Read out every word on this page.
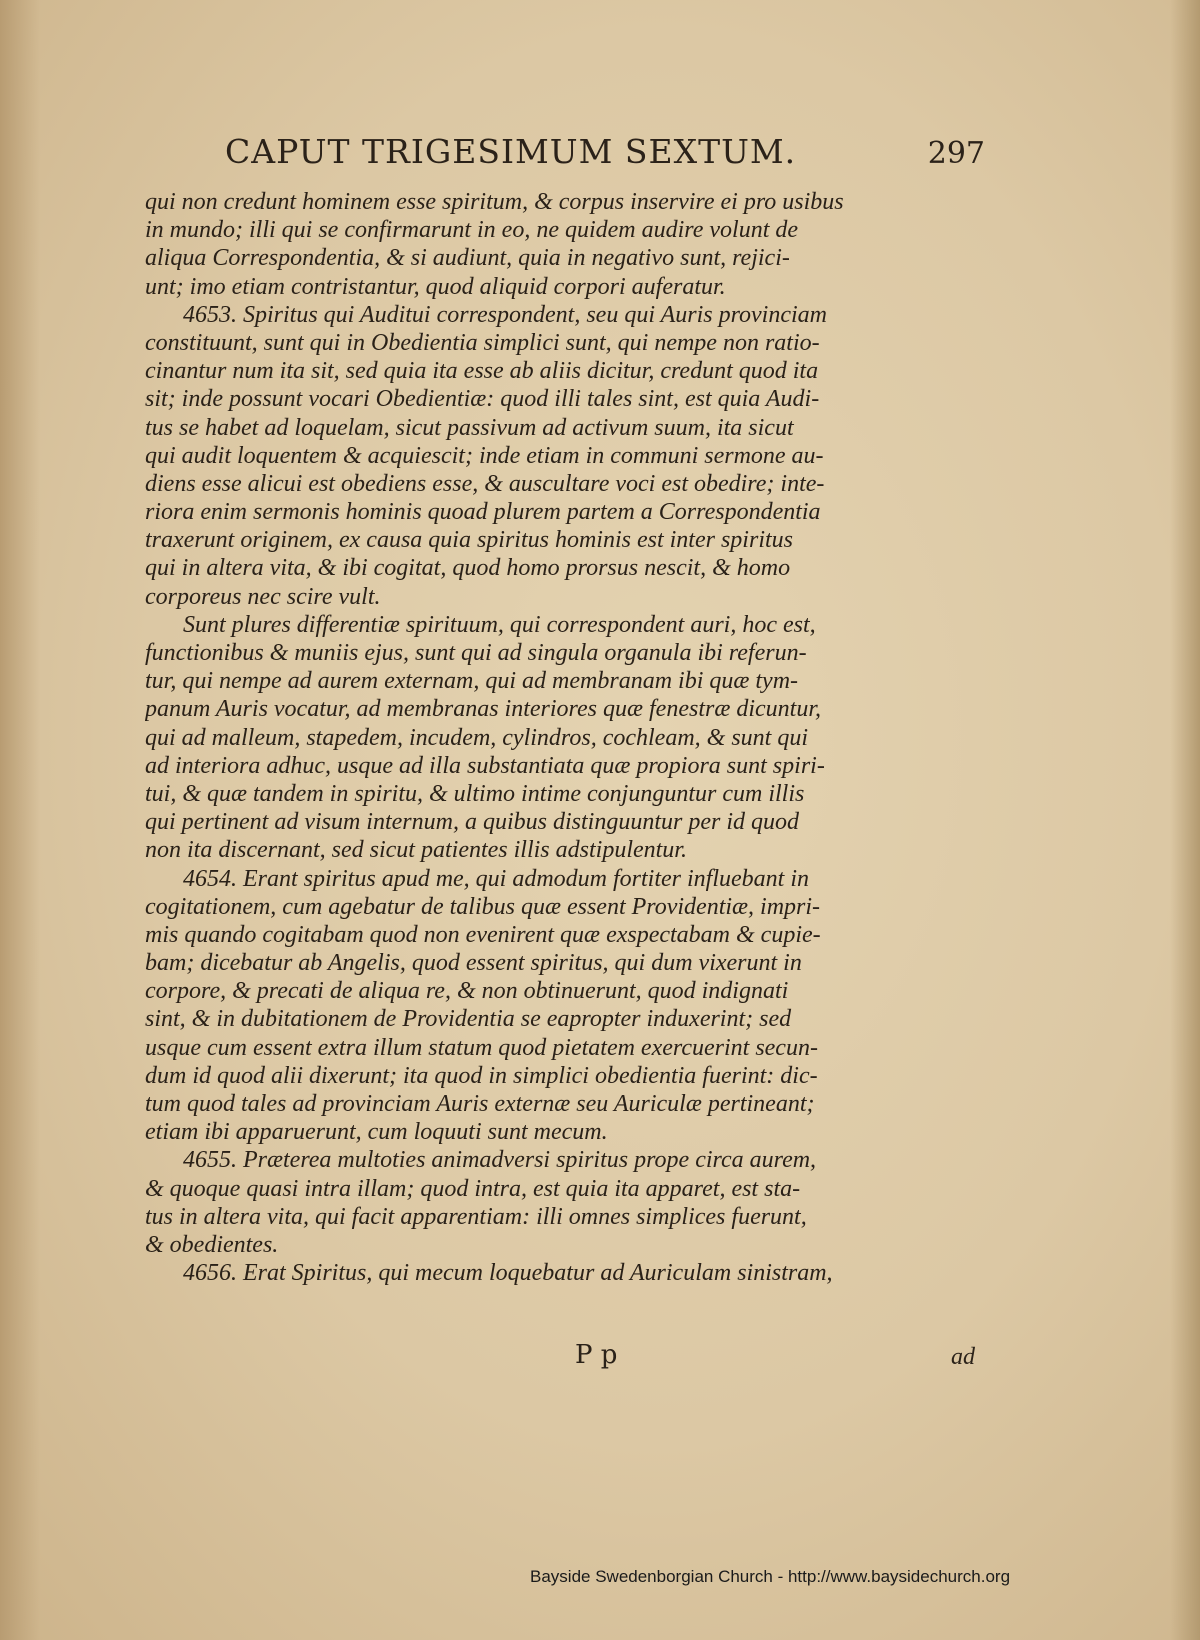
CAPUT TRIGESIMUM SEXTUM.	297
qui non credunt hominem esse spiritum, & corpus inservire ei pro usibus
in mundo; illi qui se confirmarunt in eo, ne quidem audire volunt de
aliqua Correspondentia, & si audiunt, quia in negativo sunt, rejici-
unt; imo etiam contristantur, quod aliquid corpori auferatur.
4653. Spiritus qui Auditui correspondent, seu qui Auris provinciam
constituunt, sunt qui in Obedientia simplici sunt, qui nempe non ratio-
cinantur num ita sit, sed quia ita esse ab aliis dicitur, credunt quod ita
sit; inde possunt vocari Obedientiæ: quod illi tales sint, est quia Audi-
tus se habet ad loquelam, sicut passivum ad activum suum, ita sicut
qui audit loquentem & acquiescit; inde etiam in communi sermone au-
diens esse alicui est obediens esse, & auscultare voci est obedire; inte-
riora enim sermonis hominis quoad plurem partem a Correspondentia
traxerunt originem, ex causa quia spiritus hominis est inter spiritus
qui in altera vita, & ibi cogitat, quod homo prorsus nescit, & homo
corporeus nec scire vult.
Sunt plures differentiæ spirituum, qui correspondent auri, hoc est,
functionibus & muniis ejus, sunt qui ad singula organula ibi referun-
tur, qui nempe ad aurem externam, qui ad membranam ibi quæ tym-
panum Auris vocatur, ad membranas interiores quæ fenestræ dicuntur,
qui ad malleum, stapedem, incudem, cylindros, cochleam, & sunt qui
ad interiora adhuc, usque ad illa substantiata quæ propiora sunt spiri-
tui, & quæ tandem in spiritu, & ultimo intime conjunguntur cum illis
qui pertinent ad visum internum, a quibus distinguuntur per id quod
non ita discernant, sed sicut patientes illis adstipulentur.
4654. Erant spiritus apud me, qui admodum fortiter influebant in
cogitationem, cum agebatur de talibus quæ essent Providentiæ, impri-
mis quando cogitabam quod non evenirent quæ exspectabam & cupie-
bam; dicebatur ab Angelis, quod essent spiritus, qui dum vixerunt in
corpore, & precati de aliqua re, & non obtinuerunt, quod indignati
sint, & in dubitationem de Providentia se eapropter induxerint; sed
usque cum essent extra illum statum quod pietatem exercuerint secun-
dum id quod alii dixerunt; ita quod in simplici obedientia fuerint: dic-
tum quod tales ad provinciam Auris externæ seu Auriculæ pertineant;
etiam ibi apparuerunt, cum loquuti sunt mecum.
4655. Præterea multoties animadversi spiritus prope circa aurem,
& quoque quasi intra illam; quod intra, est quia ita apparet, est sta-
tus in altera vita, qui facit apparentiam: illi omnes simplices fuerunt,
& obedientes.
4656. Erat Spiritus, qui mecum loquebatur ad Auriculam sinistram,
P p	ad
Bayside Swedenborgian Church - http://www.baysidechurch.org
